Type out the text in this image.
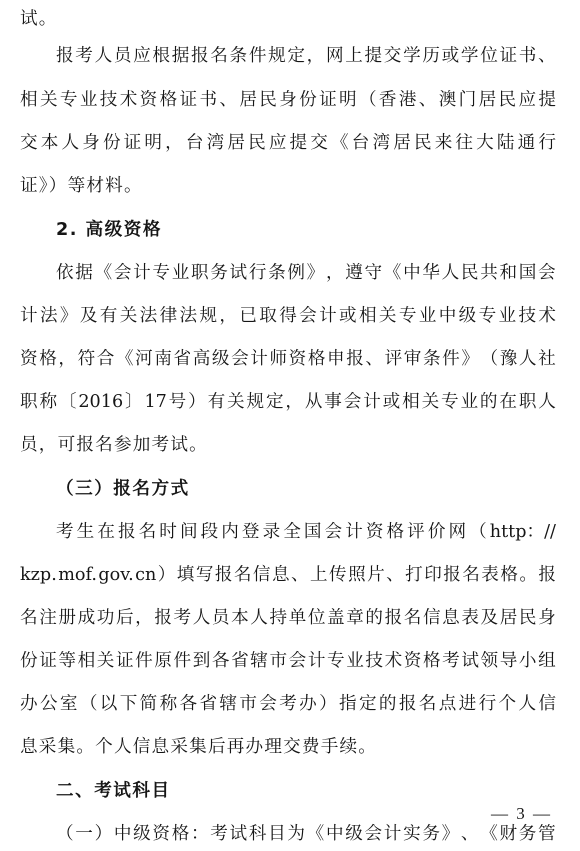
试。
报 考 人 员 应 根 据 报 名 条 件 规 定 ， 网 上 提 交 学 历 或 学 位 证 书 、
相 关 专 业 技 术 资 格 证 书 、 居 民 身 份 证 明 （ 香 港 、 澳 门 居 民 应 提
交 本 人 身 份 证 明 ， 台 湾 居 民 应 提 交 《 台 湾 居 民 来 往 大 陆 通 行
证》）等材料。
2. 高级资格
依 据 《 会 计 专 业 职 务 试 行 条 例 》 ， 遵 守 《 中 华 人 民 共 和 国 会
计 法 》 及 有 关 法 律 法 规 ， 已 取 得 会 计 或 相 关 专 业 中 级 专 业 技 术
资 格 ， 符 合 《 河 南 省 高 级 会 计 师 资 格 申 报 、 评 审 条 件 》 （ 豫 人 社
职 称 〔 2016 〕 17 号 ） 有 关 规 定 ， 从 事 会 计 或 相 关 专 业 的 在 职 人
员，可报名参加考试。
（三）报名方式
考 生 在 报 名 时 间 段 内 登 录 全 国 会 计 资 格 评 价 网 （ http：//
kzp. mof. gov. cn ） 填 写 报 名 信 息 、 上 传 照 片 、 打 印 报 名 表 格 。 报
名 注 册 成 功 后 ， 报 考 人 员 本 人 持 单 位 盖 章 的 报 名 信 息 表 及 居 民 身
份 证 等 相 关 证 件 原 件 到 各 省 辖 市 会 计 专 业 技 术 资 格 考 试 领 导 小 组
办 公 室 （ 以 下 简 称 各 省 辖 市 会 考 办 ） 指 定 的 报 名 点 进 行 个 人 信
息采集。个人信息采集后再办理交费手续。
二、考试科目
（ 一 ） 中 级 资 格 ： 考 试 科 目 为 《 中 级 会 计 实 务 》 、 《 财 务 管
— 3 —
